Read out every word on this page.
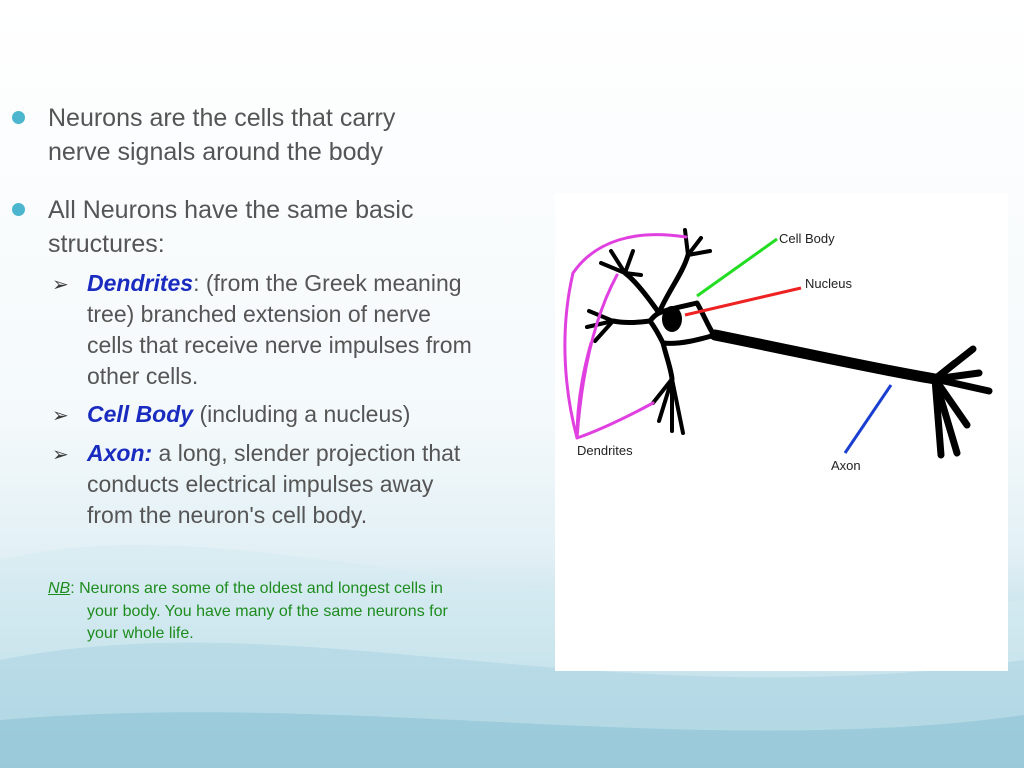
Neurons are the cells that carry
nerve signals around the body
All Neurons have the same basic
structures:
➢ Dendrites: (from the Greek meaning
tree) branched extension of nerve
cells that receive nerve impulses from
other cells.
➢ Cell Body (including a nucleus)
➢ Axon: a long, slender projection that
conducts electrical impulses away
from the neuron's cell body.
NB: Neurons are some of the oldest and longest cells in
your body. You have many of the same neurons for
your whole life.
Cell Body
Nucleus
Dendrites
Axon
